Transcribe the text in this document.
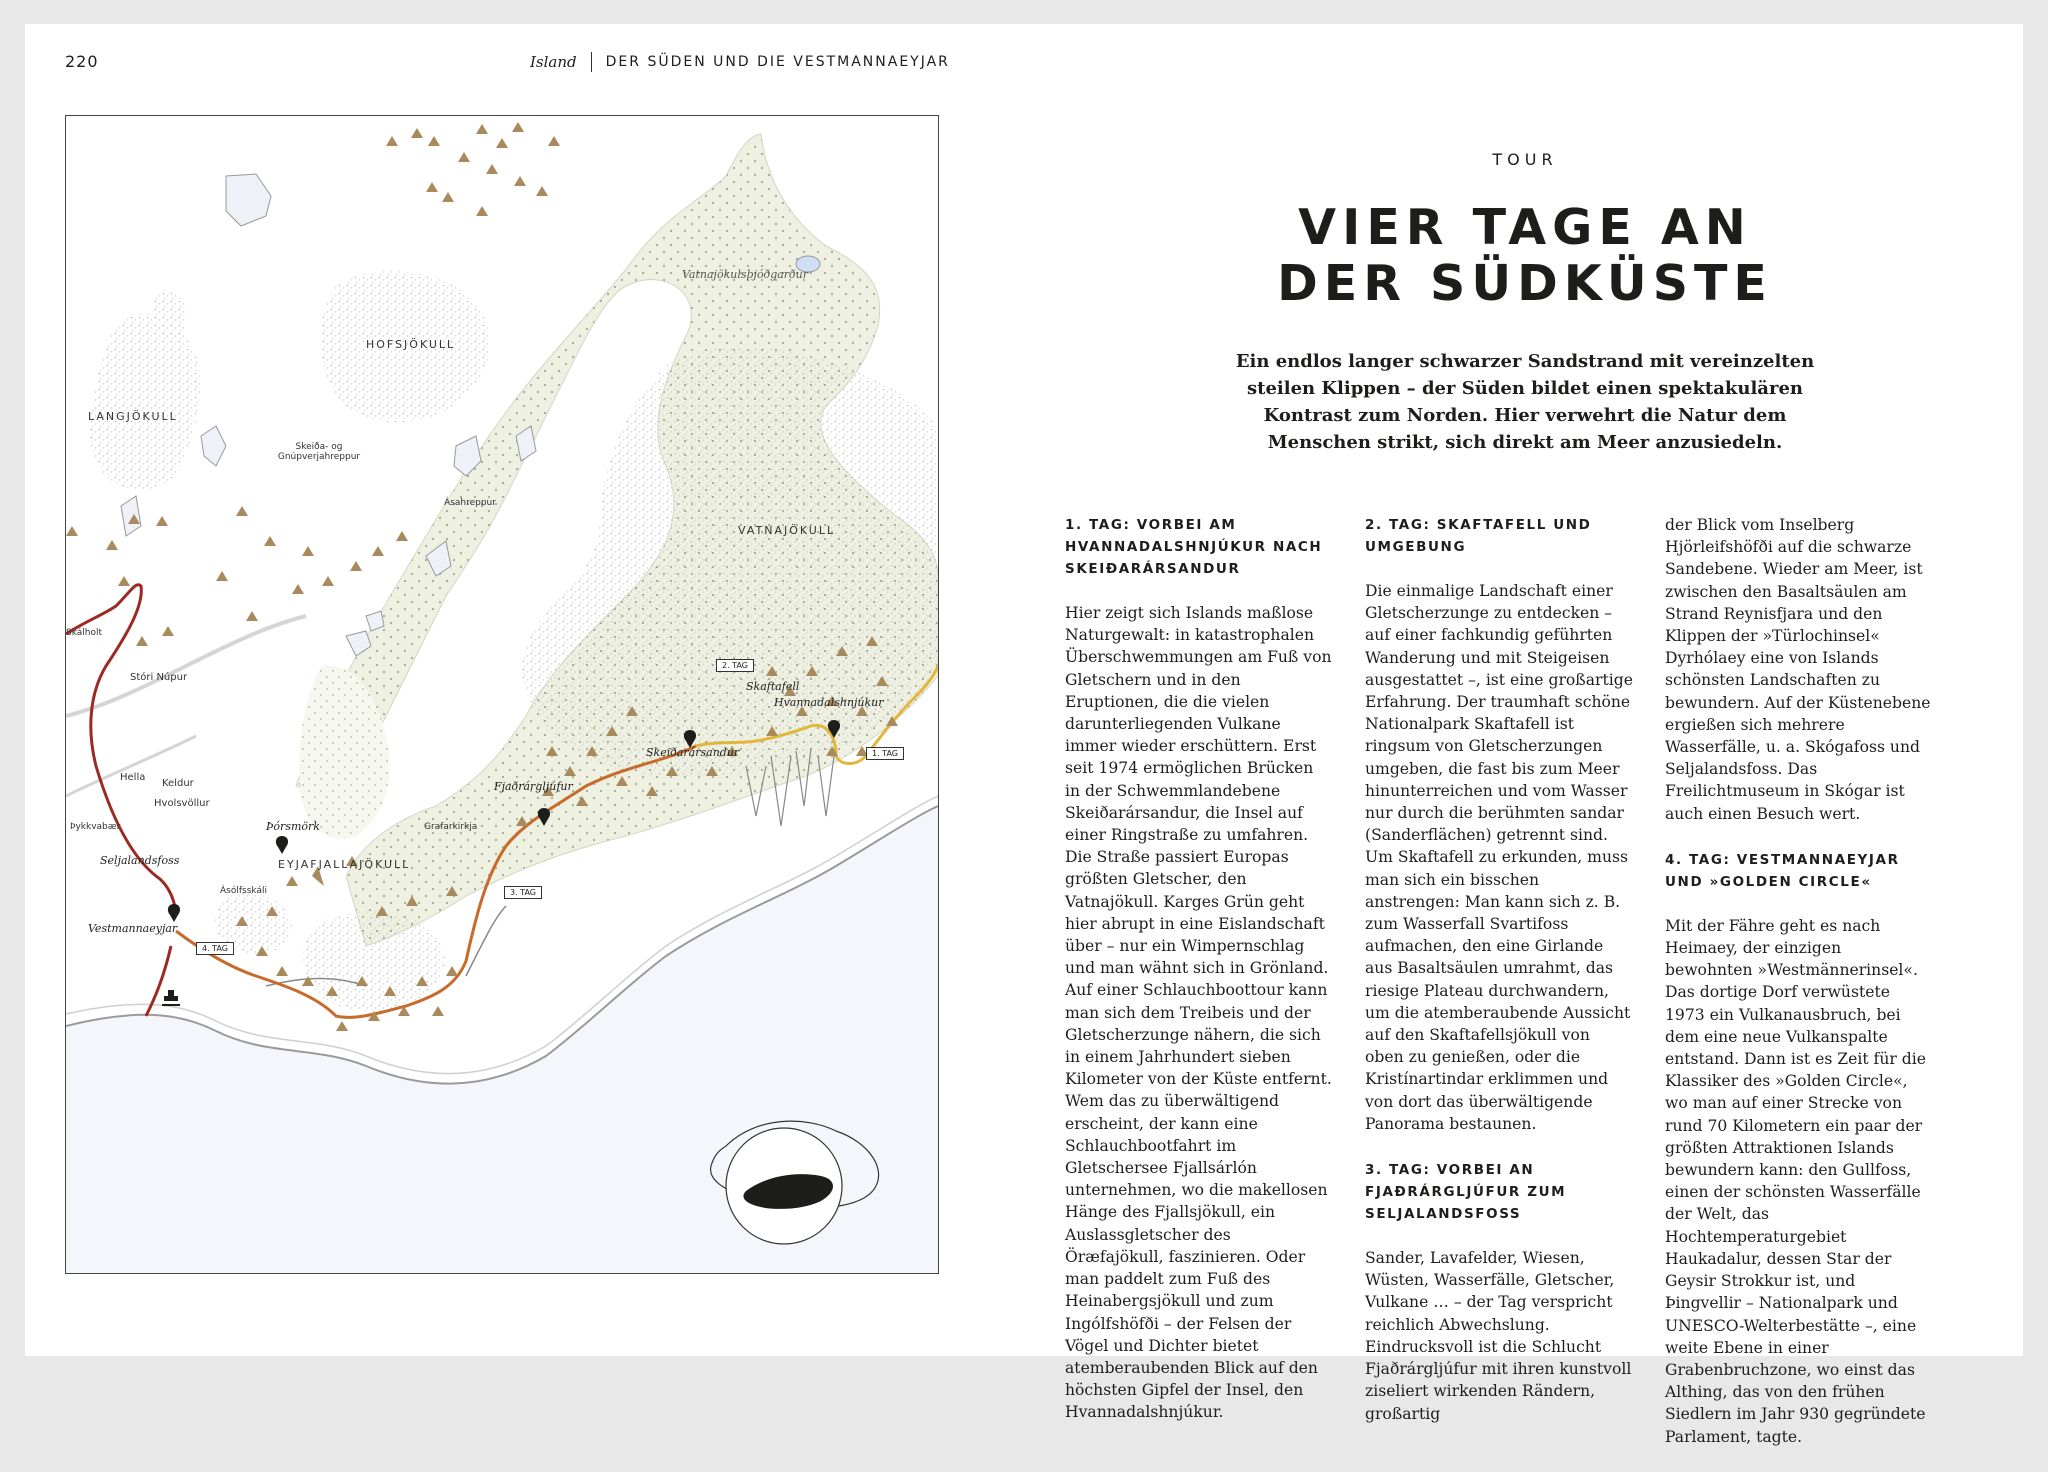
220	Island DER SÜDEN UND DIE VESTMANNAEYJAR
Vatnajökulsþjóðgarður
HOFSJÖKULL
LANGJÖKULL
VATNAJÖKULL
EYJAFJALLAJÖKULL
Skeiða- og
Gnúpverjahreppur
Ásahreppur
Skálholt
Stóri Núpur
Hella
Keldur
Hvolsvöllur
Þykkvabær
Seljalandsfoss
Þórsmörk	Grafarkirkja
Ásólfsskáli
Vestmannaeyjar
Fjaðrárgljúfur
Skeiðarársandur
Skaftafell
Hvannadalshnjúkur
2. TAG
1. TAG
3. TAG
4. TAG
TOUR
VIER TAGE AN
DER SÜDKÜSTE
Ein endlos langer schwarzer Sandstrand mit vereinzelten steilen Klippen – der Süden bildet einen spektakulären Kontrast zum Norden. Hier verwehrt die Natur dem Menschen strikt, sich direkt am Meer anzusiedeln.
1. TAG: VORBEI AM HVANNADALSHNJÚKUR NACH SKEIÐARÁRSANDUR

Hier zeigt sich Islands maßlose Naturgewalt: in katastrophalen Überschwemmungen am Fuß von Gletschern und in den Eruptionen, die die vielen darunterliegenden Vulkane immer wieder erschüttern. Erst seit 1974 ermöglichen Brücken in der Schwemmlandebene Skeiðarársandur, die Insel auf einer Ringstraße zu umfahren. Die Straße passiert Europas größten Gletscher, den Vatnajökull. Karges Grün geht hier abrupt in eine Eislandschaft über – nur ein Wimpernschlag und man wähnt sich in Grönland. Auf einer Schlauchboottour kann man sich dem Treibeis und der Gletscherzunge nähern, die sich in einem Jahrhundert sieben Kilometer von der Küste entfernt. Wem das zu überwältigend erscheint, der kann eine Schlauchbootfahrt im Gletschersee Fjallsárlón unternehmen, wo die makellosen Hänge des Fjallsjökull, ein Auslassgletscher des Öræfajökull, faszinieren. Oder man paddelt zum Fuß des Heinabergsjökull und zum Ingólfshöfði – der Felsen der Vögel und Dichter bietet atemberaubenden Blick auf den höchsten Gipfel der Insel, den Hvannadalshnjúkur.

2. TAG: SKAFTAFELL UND UMGEBUNG

Die einmalige Landschaft einer Gletscherzunge zu entdecken – auf einer fachkundig geführten Wanderung und mit Steigeisen ausgestattet –, ist eine großartige Erfahrung. Der traumhaft schöne Nationalpark Skaftafell ist ringsum von Gletscherzungen umgeben, die fast bis zum Meer hinunterreichen und vom Wasser nur durch die berühmten sandar (Sanderflächen) getrennt sind. Um Skaftafell zu erkunden, muss man sich ein bisschen anstrengen: Man kann sich z. B. zum Wasserfall Svartifoss aufmachen, den eine Girlande aus Basaltsäulen umrahmt, das riesige Plateau durchwandern, um die atemberaubende Aussicht auf den Skaftafellsjökull von oben zu genießen, oder die Kristínartindar erklimmen und von dort das überwältigende Panorama bestaunen.

3. TAG: VORBEI AN FJAÐRÁRGLJÚFUR ZUM SELJALANDSFOSS

Sander, Lavafelder, Wiesen, Wüsten, Wasserfälle, Gletscher, Vulkane … – der Tag verspricht reichlich Abwechslung. Eindrucksvoll ist die Schlucht Fjaðrárgljúfur mit ihren kunstvoll ziseliert wirkenden Rändern, großartig

der Blick vom Inselberg Hjörleifshöfði auf die schwarze Sandebene. Wieder am Meer, ist zwischen den Basaltsäulen am Strand Reynisfjara und den Klippen der »Türlochinsel« Dyrhólaey eine von Islands schönsten Landschaften zu bewundern. Auf der Küstenebene ergießen sich mehrere Wasserfälle, u. a. Skógafoss und Seljalandsfoss. Das Freilichtmuseum in Skógar ist auch einen Besuch wert.

4. TAG: VESTMANNAEYJAR UND »GOLDEN CIRCLE«

Mit der Fähre geht es nach Heimaey, der einzigen bewohnten »Westmännerinsel«. Das dortige Dorf verwüstete 1973 ein Vulkanausbruch, bei dem eine neue Vulkanspalte entstand. Dann ist es Zeit für die Klassiker des »Golden Circle«, wo man auf einer Strecke von rund 70 Kilometern ein paar der größten Attraktionen Islands bewundern kann: den Gullfoss, einen der schönsten Wasserfälle der Welt, das Hochtemperaturgebiet Haukadalur, dessen Star der Geysir Strokkur ist, und Þingvellir – Nationalpark und UNESCO-Welterbestätte –, eine weite Ebene in einer Grabenbruchzone, wo einst das Althing, das von den frühen Siedlern im Jahr 930 gegründete Parlament, tagte.
